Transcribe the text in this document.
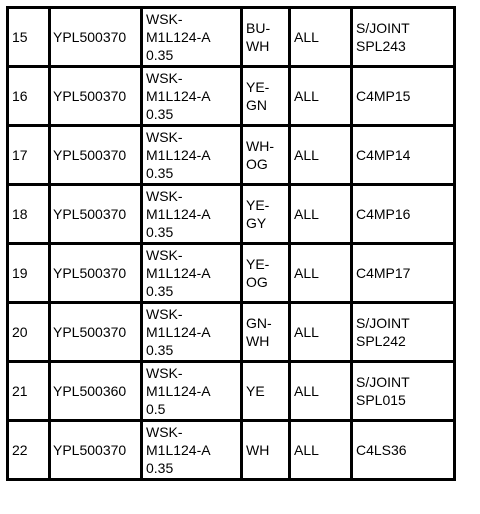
15	YPL500370	WSK-
M1L124-A
0.35	BU-
WH	ALL	S/JOINT
SPL243
16	YPL500370	WSK-
M1L124-A
0.35	YE-
GN	ALL	C4MP15
17	YPL500370	WSK-
M1L124-A
0.35	WH-
OG	ALL	C4MP14
18	YPL500370	WSK-
M1L124-A
0.35	YE-
GY	ALL	C4MP16
19	YPL500370	WSK-
M1L124-A
0.35	YE-
OG	ALL	C4MP17
20	YPL500370	WSK-
M1L124-A
0.35	GN-
WH	ALL	S/JOINT
SPL242
21	YPL500360	WSK-
M1L124-A
0.5	YE	ALL	S/JOINT
SPL015
22	YPL500370	WSK-
M1L124-A
0.35	WH	ALL	C4LS36
